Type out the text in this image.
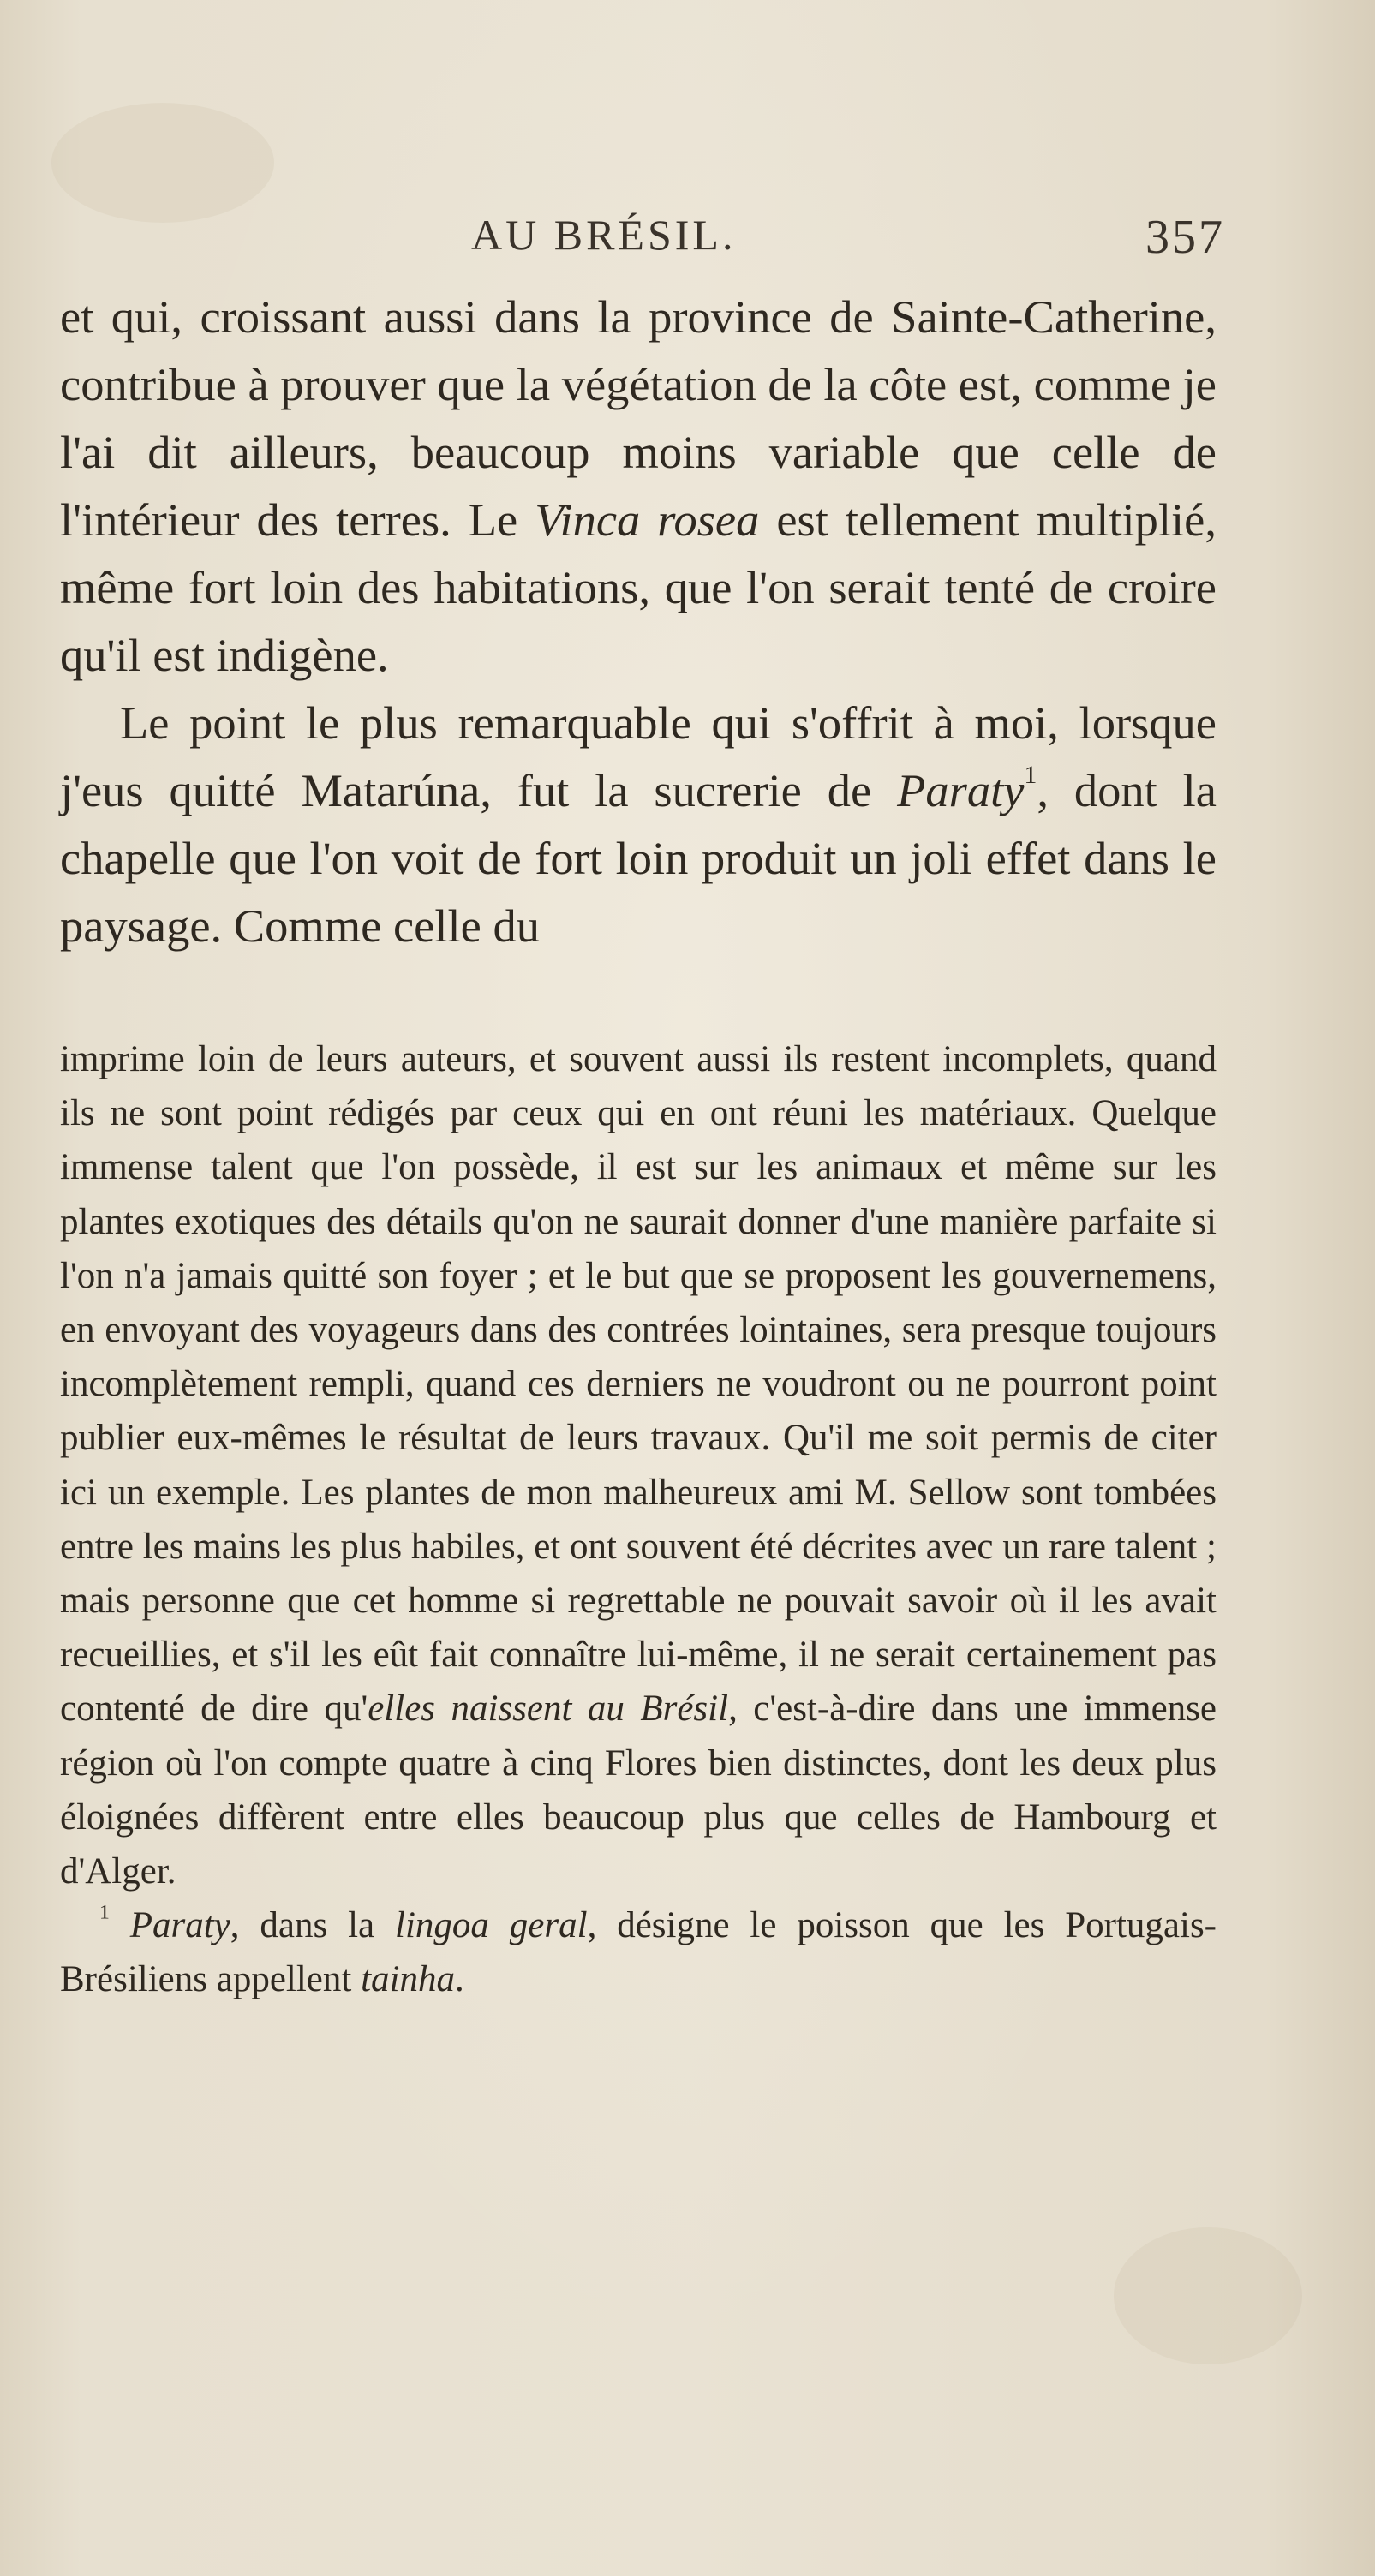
AU BRÉSIL.	357

et qui, croissant aussi dans la province de Sainte-Catherine, contribue à prouver que la végétation de la côte est, comme je l'ai dit ailleurs, beaucoup moins variable que celle de l'intérieur des terres. Le Vinca rosea est tellement multiplié, même fort loin des habitations, que l'on serait tenté de croire qu'il est indigène.

Le point le plus remarquable qui s'offrit à moi, lorsque j'eus quitté Matarúna, fut la sucrerie de Paraty$^1$, dont la chapelle que l'on voit de fort loin produit un joli effet dans le paysage. Comme celle du

imprime loin de leurs auteurs, et souvent aussi ils restent incomplets, quand ils ne sont point rédigés par ceux qui en ont réuni les matériaux. Quelque immense talent que l'on possède, il est sur les animaux et même sur les plantes exotiques des détails qu'on ne saurait donner d'une manière parfaite si l'on n'a jamais quitté son foyer ; et le but que se proposent les gouvernemens, en envoyant des voyageurs dans des contrées lointaines, sera presque toujours incomplètement rempli, quand ces derniers ne voudront ou ne pourront point publier eux-mêmes le résultat de leurs travaux. Qu'il me soit permis de citer ici un exemple. Les plantes de mon malheureux ami M. Sellow sont tombées entre les mains les plus habiles, et ont souvent été décrites avec un rare talent ; mais personne que cet homme si regrettable ne pouvait savoir où il les avait recueillies, et s'il les eût fait connaître lui-même, il ne serait certainement pas contenté de dire qu'elles naissent au Brésil, c'est-à-dire dans une immense région où l'on compte quatre à cinq Flores bien distinctes, dont les deux plus éloignées diffèrent entre elles beaucoup plus que celles de Hambourg et d'Alger.

$^1$ Paraty, dans la lingoa geral, désigne le poisson que les Portugais-Brésiliens appellent tainha.
